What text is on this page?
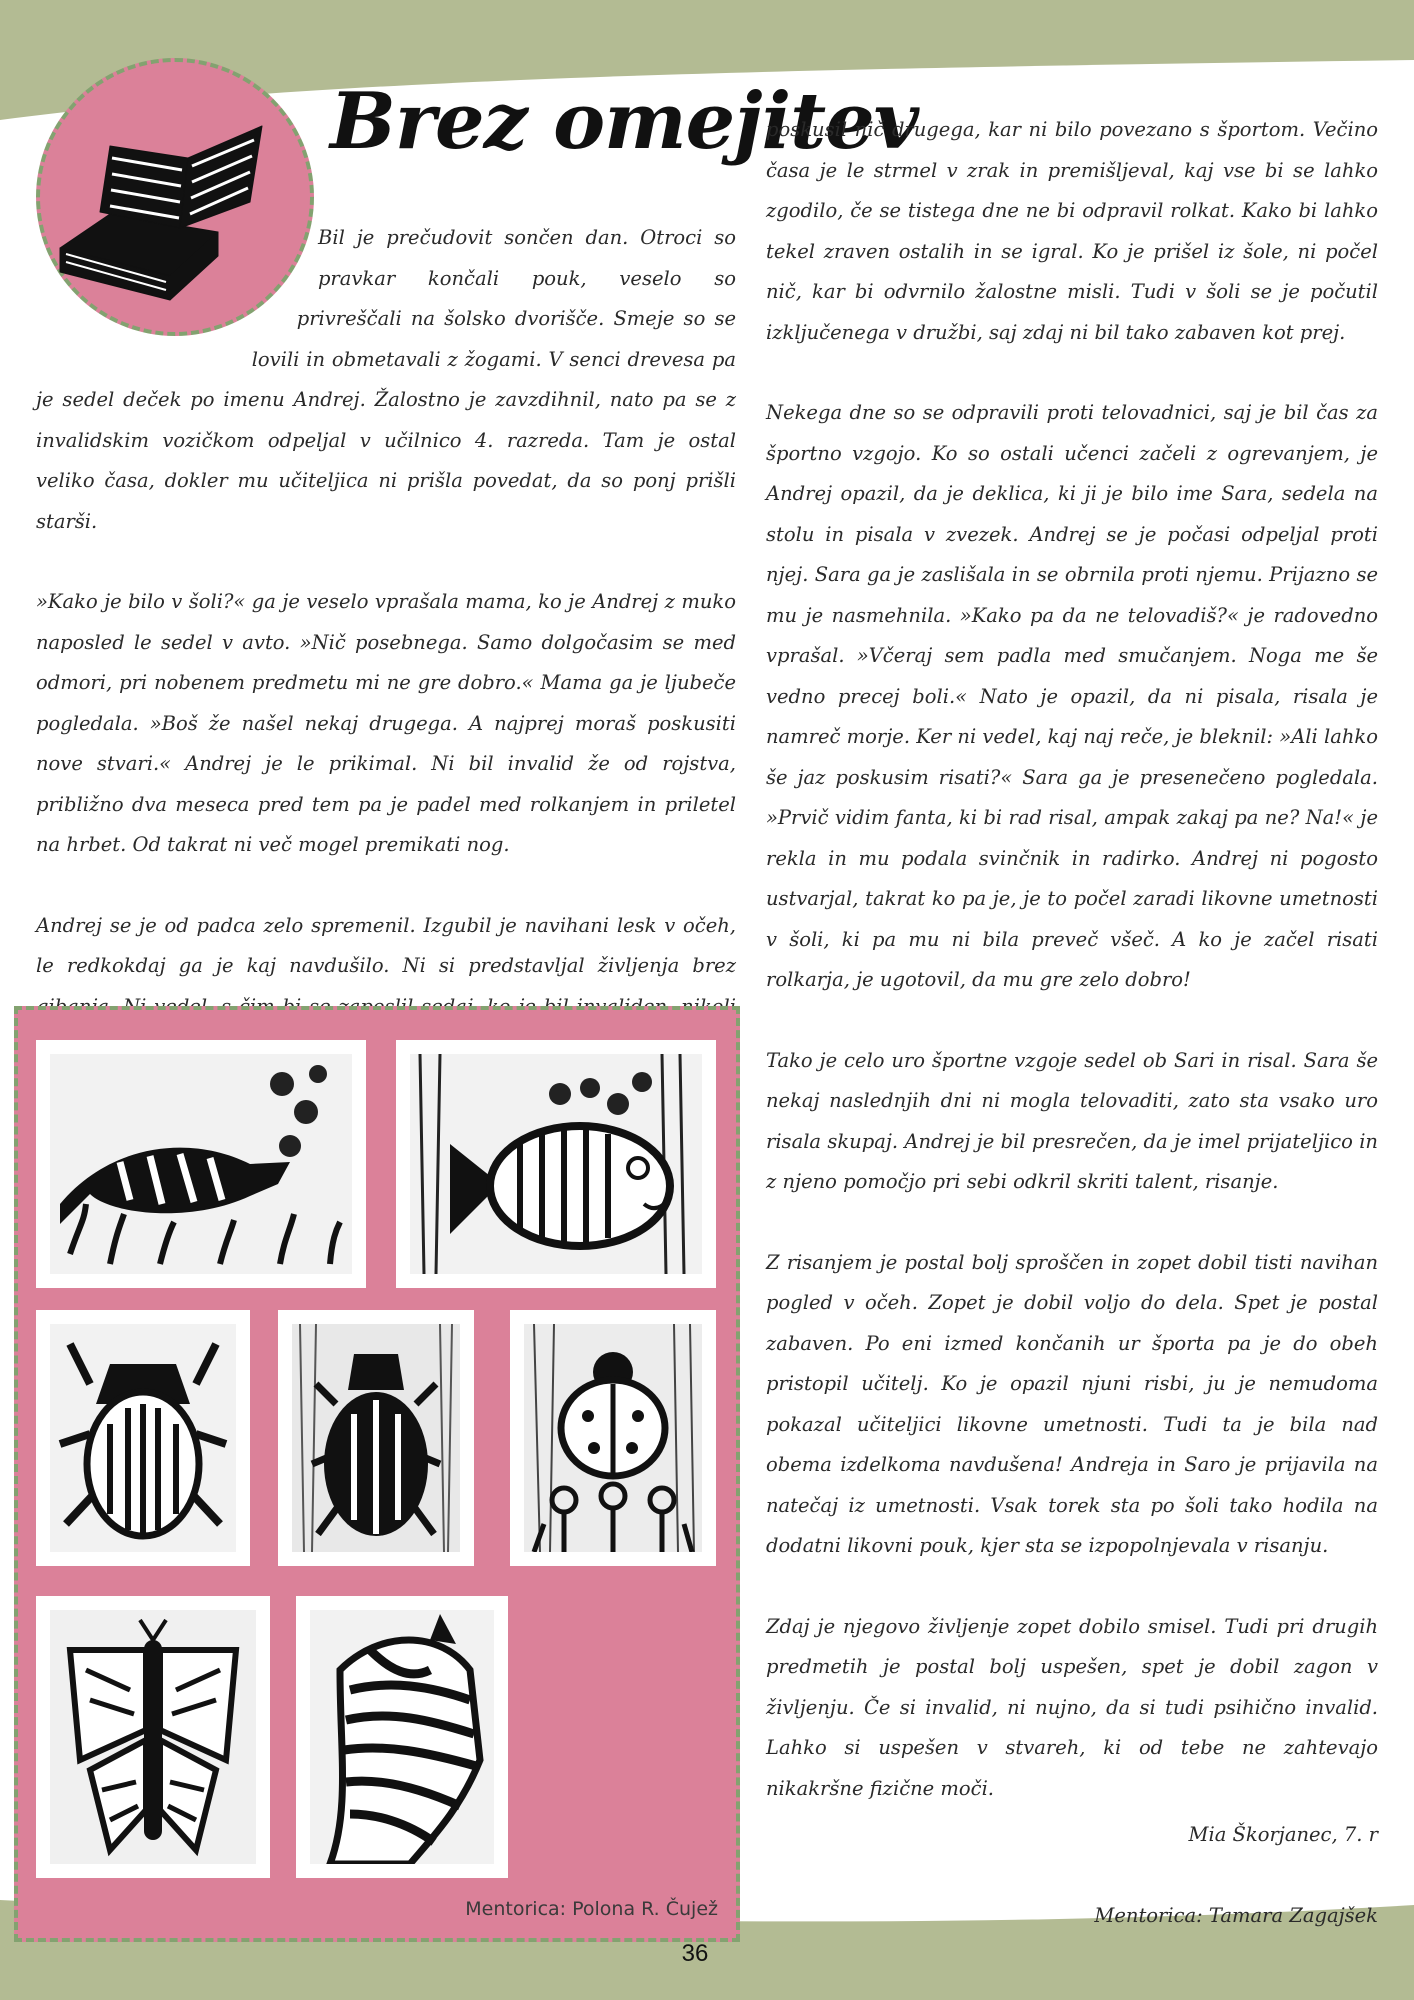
Brez omejitev

Bil je prečudovit sončen dan. Otroci so pravkar končali pouk, veselo so privreščali na šolsko dvorišče. Smeje so se lovili in obmetavali z žogami. V senci drevesa pa je sedel deček po imenu Andrej. Žalostno je zavzdihnil, nato pa se z invalidskim vozičkom odpeljal v učilnico 4. razreda. Tam je ostal veliko časa, dokler mu učiteljica ni prišla povedat, da so ponj prišli starši.

»Kako je bilo v šoli?« ga je veselo vprašala mama, ko je Andrej z muko naposled le sedel v avto. »Nič posebnega. Samo dolgočasim se med odmori, pri nobenem predmetu mi ne gre dobro.« Mama ga je ljubeče pogledala. »Boš že našel nekaj drugega. A najprej moraš poskusiti nove stvari.« Andrej je le prikimal. Ni bil invalid že od rojstva, približno dva meseca pred tem pa je padel med rolkanjem in priletel na hrbet. Od takrat ni več mogel premikati nog.

Andrej se je od padca zelo spremenil. Izgubil je navihani lesk v očeh, le redkokdaj ga je kaj navdušilo. Ni si predstavljal življenja brez

poskusil nič drugega, kar ni bilo povezano s športom. Večino časa je le strmel v zrak in premišljeval, kaj vse bi se lahko zgodilo, če se tistega dne ne bi odpravil rolkat. Kako bi lahko tekel zraven ostalih in se igral. Ko je prišel iz šole, ni počel nič, kar bi odvrnilo žalostne misli. Tudi v šoli se je počutil izključenega v družbi, saj zdaj ni bil tako zabaven kot prej.

Nekega dne so se odpravili proti telovadnici, saj je bil čas za športno vzgojo. Ko so ostali učenci začeli z ogrevanjem, je Andrej opazil, da je deklica, ki ji je bilo ime Sara, sedela na stolu in pisala v zvezek. Andrej se je počasi odpeljal proti njej. Sara ga je zaslišala in se obrnila proti njemu. Prijazno se mu je nasmehnila. »Kako pa da ne telovadiš?« je radovedno vprašal. »Včeraj sem padla med smučanjem. Noga me še vedno precej boli.« Nato je opazil, da ni pisala, risala je namreč morje. Ker ni vedel, kaj naj reče, je bleknil: »Ali lahko še jaz poskusim risati?« Sara ga je presenečeno pogledala. »Prvič vidim fanta, ki bi rad risal, ampak zakaj pa ne? Na!« je rekla in mu podala svinčnik in radirko. Andrej ni pogosto ustvarjal, takrat ko pa je, je to počel zaradi likovne umetnosti v šoli, ki pa mu ni bila preveč všeč. A ko je začel risati rolkarja, je ugotovil, da mu gre zelo dobro!

Tako je celo uro športne vzgoje sedel ob Sari in risal. Sara še nekaj naslednjih dni ni mogla telovaditi, zato sta vsako uro risala skupaj. Andrej je bil presrečen, da je imel prijateljico in z njeno pomočjo pri sebi odkril skriti talent, risanje.

Z risanjem je postal bolj sproščen in zopet dobil tisti navihan pogled v očeh. Zopet je dobil voljo do dela. Spet je postal zabaven. Po eni izmed končanih ur športa pa je do obeh pristopil učitelj. Ko je opazil njuni risbi, ju je nemudoma pokazal učiteljici likovne umetnosti. Tudi ta je bila nad obema izdelkoma navdušena! Andreja in Saro je prijavila na natečaj iz umetnosti. Vsak torek sta po šoli tako hodila na dodatni likovni pouk, kjer sta se izpopolnjevala v risanju.

Zdaj je njegovo življenje zopet dobilo smisel. Tudi pri drugih predmetih je postal bolj uspešen, spet je dobil zagon v življenju. Če si invalid, ni nujno, da si tudi psihično invalid. Lahko si uspešen v stvareh, ki od tebe ne zahtevajo nikakršne fizične moči.

Mia Škorjanec, 7. r

Mentorica: Tamara Zagajšek

Mentorica: Polona R. Čujež
36
